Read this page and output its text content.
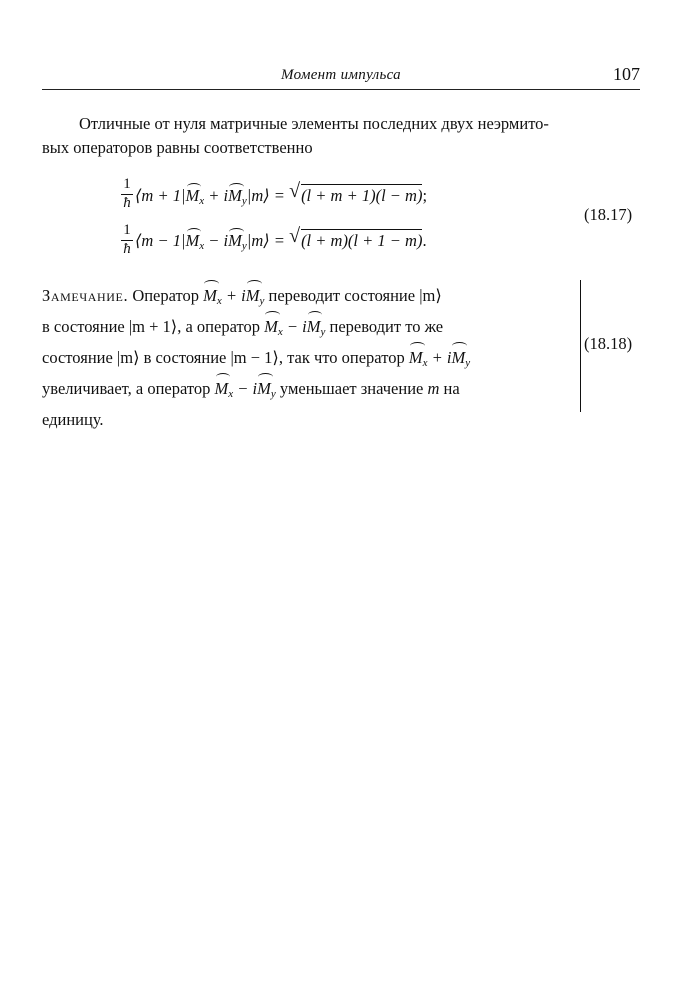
Момент импульса	107
Отличные от нуля матричные элементы последних двух неэрмито-
вых операторов равны соответственно
$\frac{1}{ħ}$ ⟨m + $1|M_x$ + $iM_y|m⟩$ = √ (l + m + 1)(l − m);
$\frac{1}{ħ}$ ⟨m − $1|M_x$ − $iM_y|m⟩$ = √ (l + m)(l + 1 − m).
(18.17)
Замечание. Оператор $M_x + iM_y$ переводит состояние |m⟩
в состояние |m + 1⟩, а оператор $M_x - iM_y$ переводит то же
состояние |m⟩ в состояние |m − 1⟩, так что оператор $M_x + iM_y$
увеличивает, а оператор $M_x - iM_y$ уменьшает значение m на
единицу.
(18.18)
